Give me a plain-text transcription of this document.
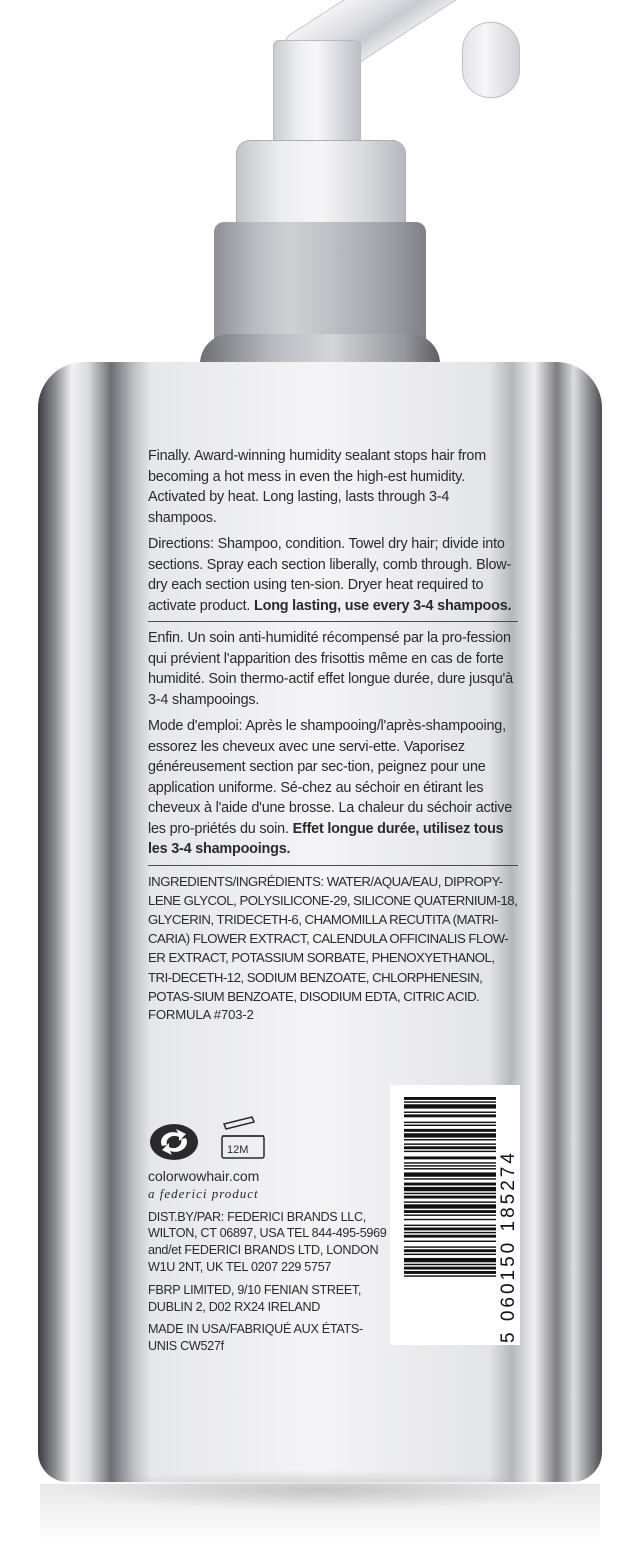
Finally. Award-winning humidity sealant stops hair from becoming a hot mess in even the high-est humidity. Activated by heat. Long lasting, lasts through 3-4 shampoos.

Directions: Shampoo, condition. Towel dry hair; divide into sections. Spray each section liberally, comb through. Blow-dry each section using ten-sion. Dryer heat required to activate product. Long lasting, use every 3-4 shampoos.

Enfin. Un soin anti-humidité récompensé par la pro-fession qui prévient l'apparition des frisottis même en cas de forte humidité. Soin thermo-actif effet longue durée, dure jusqu'à 3-4 shampooings.

Mode d'emploi: Après le shampooing/l'après-shampooing, essorez les cheveux avec une servi-ette. Vaporisez généreusement section par sec-tion, peignez pour une application uniforme. Sé-chez au séchoir en étirant les cheveux à l'aide d'une brosse. La chaleur du séchoir active les pro-priétés du soin. Effet longue durée, utilisez tous les 3-4 shampooings.

INGREDIENTS/INGRÉDIENTS: WATER/AQUA/EAU, DIPROPY-LENE GLYCOL, POLYSILICONE-29, SILICONE QUATERNIUM-18, GLYCERIN, TRIDECETH-6, CHAMOMILLA RECUTITA (MATRI-CARIA) FLOWER EXTRACT, CALENDULA OFFICINALIS FLOW-ER EXTRACT, POTASSIUM SORBATE, PHENOXYETHANOL, TRI-DECETH-12, SODIUM BENZOATE, CHLORPHENESIN, POTAS-SIUM BENZOATE, DISODIUM EDTA, CITRIC ACID.

FORMULA #703-2

12M

colorwowhair.com

a federici product

DIST.BY/PAR: FEDERICI BRANDS LLC, WILTON, CT 06897, USA TEL 844-495-5969 and/et FEDERICI BRANDS LTD, LONDON W1U 2NT, UK TEL 0207 229 5757

FBRP LIMITED, 9/10 FENIAN STREET, DUBLIN 2, D02 RX24 IRELAND

MADE IN USA/FABRIQUÉ AUX ÉTATS-UNIS CW527f

5 060150 185274
